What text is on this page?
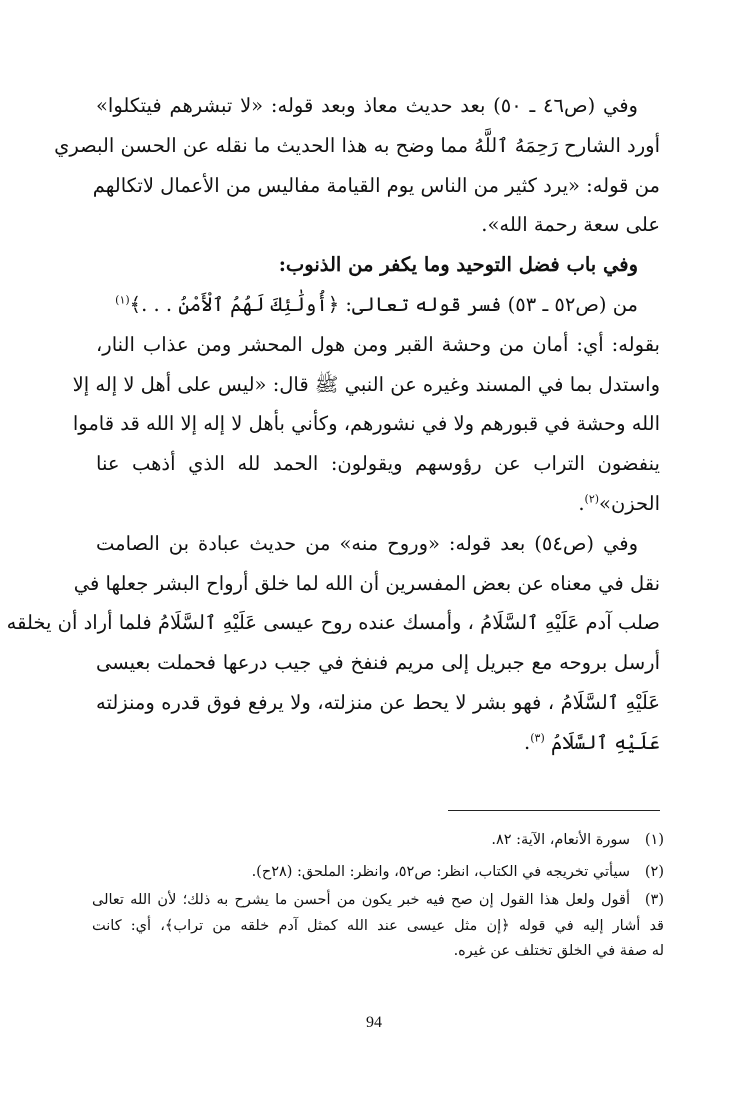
وفي (ص٤٦ ـ ٥٠) بعد حديث معاذ وبعد قوله: «لا تبشرهم فيتكلوا»
أورد الشارح رَحِمَهُ ٱللَّهُ مما وضح به هذا الحديث ما نقله عن الحسن البصري
من قوله: «يرد كثير من الناس يوم القيامة مفاليس من الأعمال لاتكالهم
على سعة رحمة الله».
وفي باب فضل التوحيد وما يكفر من الذنوب:
من (ص٥٢ ـ ٥٣) فسر قوله تعالى: ﴿أُولَٰئِكَ لَهُمُ ٱلْأَمْنُ . . .﴾$^{(١)}$
بقوله: أي: أمان من وحشة القبر ومن هول المحشر ومن عذاب النار،
واستدل بما في المسند وغيره عن النبي ﷺ قال: «ليس على أهل لا إله إلا
الله وحشة في قبورهم ولا في نشورهم، وكأني بأهل لا إله إلا الله قد قاموا
ينفضون التراب عن رؤوسهم ويقولون: الحمد لله الذي أذهب عنا
الحزن»$^{(٢)}$.
وفي (ص٥٤) بعد قوله: «وروح منه» من حديث عبادة بن الصامت
نقل في معناه عن بعض المفسرين أن الله لما خلق أرواح البشر جعلها في
صلب آدم عَلَيْهِ ٱلسَّلَامُ ، وأمسك عنده روح عيسى عَلَيْهِ ٱلسَّلَامُ فلما أراد أن يخلقه
أرسل بروحه مع جبريل إلى مريم فنفخ في جيب درعها فحملت بعيسى
عَلَيْهِ ٱلسَّلَامُ ، فهو بشر لا يحط عن منزلته، ولا يرفع فوق قدره ومنزلته
عَلَيْهِ ٱلسَّلَامُ $^{(٣)}$.
(١)
سورة الأنعام، الآية: ٨٢.
(٢)
سيأتي تخريجه في الكتاب، انظر: ص٥٢، وانظر: الملحق: (٢٨ح).
(٣)
أقول ولعل هذا القول إن صح فيه خبر يكون من أحسن ما يشرح به ذلك؛ لأن الله تعالى
قد أشار إليه في قوله ﴿إن مثل عيسى عند الله كمثل آدم خلقه من تراب﴾، أي: كانت
له صفة في الخلق تختلف عن غيره.
94
